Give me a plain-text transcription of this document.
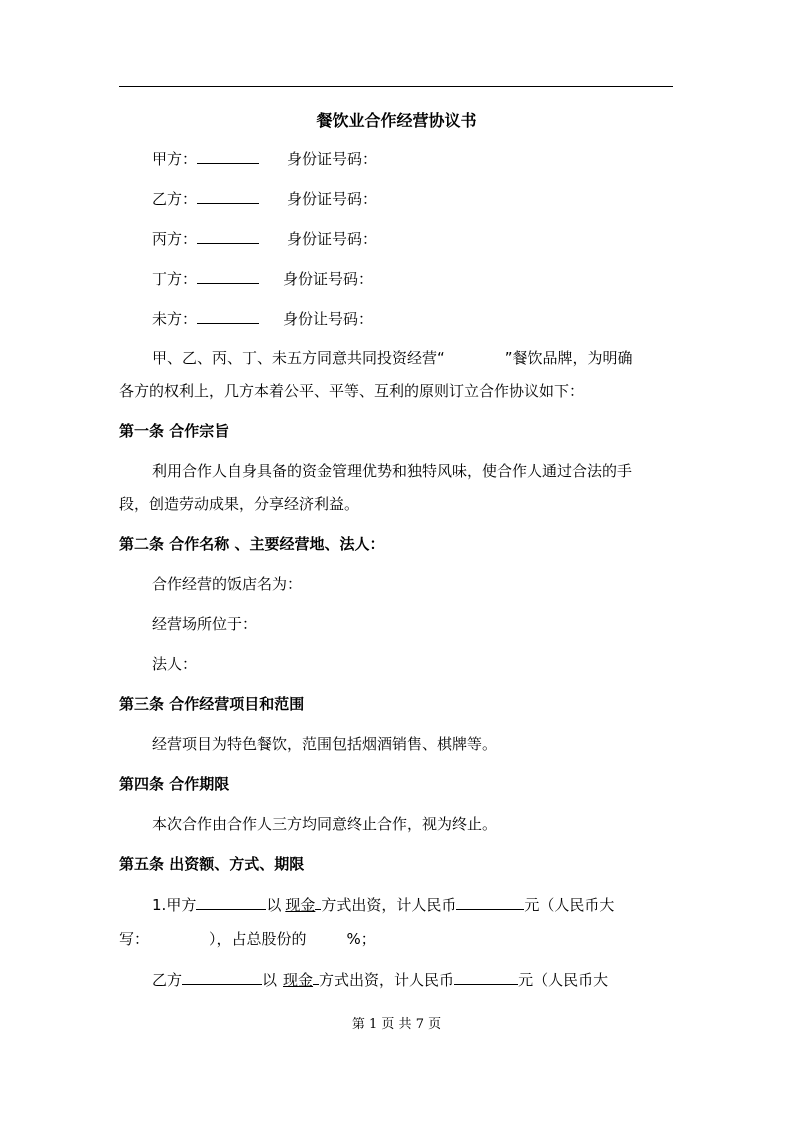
餐饮业合作经营协议书
甲方：	身份证号码：
乙方：	身份证号码：
丙方：	身份证号码：
丁方：	身份证号码：
未方：	身份让号码：
甲、乙、丙、丁、未五方同意共同投资经营“	”餐饮品牌，为明确
各方的权利上，几方本着公平、平等、互利的原则订立合作协议如下：
第一条 合作宗旨
利用合作人自身具备的资金管理优势和独特风味，使合作人通过合法的手
段，创造劳动成果，分享经济利益。
第二条 合作名称 、主要经营地、法人：
合作经营的饭店名为：
经营场所位于：
法人：
第三条 合作经营项目和范围
经营项目为特色餐饮，范围包括烟酒销售、棋牌等。
第四条 合作期限
本次合作由合作人三方均同意终止合作，视为终止。
第五条 出资额、方式、期限
1.甲方	以 现金 方式出资，计人民币	元（人民币大
写：	），占总股份的	%；
乙方	以 现金 方式出资，计人民币	元（人民币大
第 1 页 共 7 页
